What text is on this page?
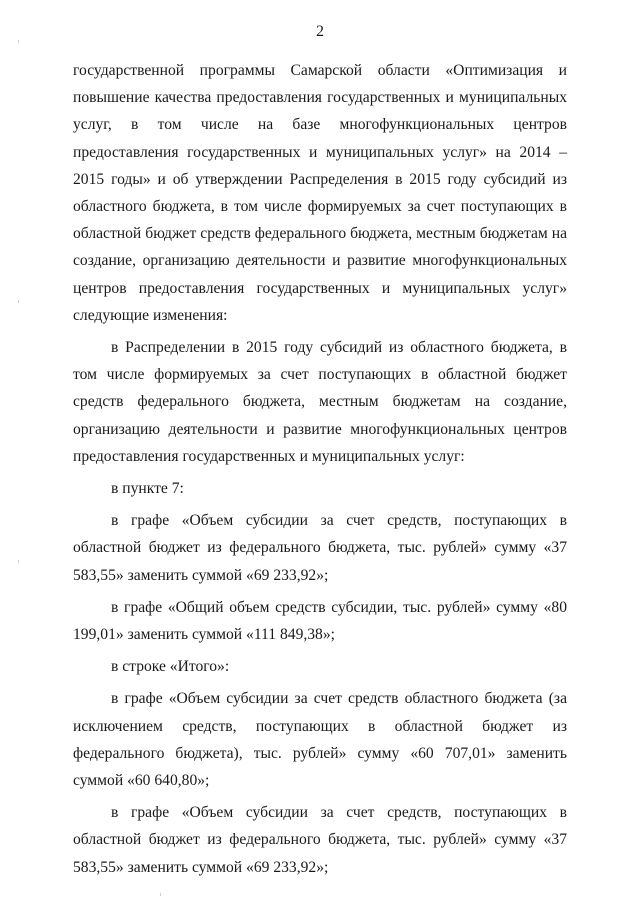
2

государственной программы Самарской области «Оптимизация и повышение качества предоставления государственных и муниципальных услуг, в том числе на базе многофункциональных центров предоставления государственных и муниципальных услуг» на 2014 – 2015 годы» и об утверждении Распределения в 2015 году субсидий из областного бюджета, в том числе формируемых за счет поступающих в областной бюджет средств федерального бюджета, местным бюджетам на создание, организацию деятельности и развитие многофункциональных центров предоставления государственных и муниципальных услуг» следующие изменения:

в Распределении в 2015 году субсидий из областного бюджета, в том числе формируемых за счет поступающих в областной бюджет средств федерального бюджета, местным бюджетам на создание, организацию деятельности и развитие многофункциональных центров предоставления государственных и муниципальных услуг:

в пункте 7:

в графе «Объем субсидии за счет средств, поступающих в областной бюджет из федерального бюджета, тыс. рублей» сумму «37 583,55» заменить суммой «69 233,92»;

в графе «Общий объем средств субсидии, тыс. рублей» сумму «80 199,01» заменить суммой «111 849,38»;

в строке «Итого»:

в графе «Объем субсидии за счет средств областного бюджета (за исключением средств, поступающих в областной бюджет из федерального бюджета), тыс. рублей» сумму «60 707,01» заменить суммой «60 640,80»;

в графе «Объем субсидии за счет средств, поступающих в областной бюджет из федерального бюджета, тыс. рублей» сумму «37 583,55» заменить суммой «69 233,92»;
